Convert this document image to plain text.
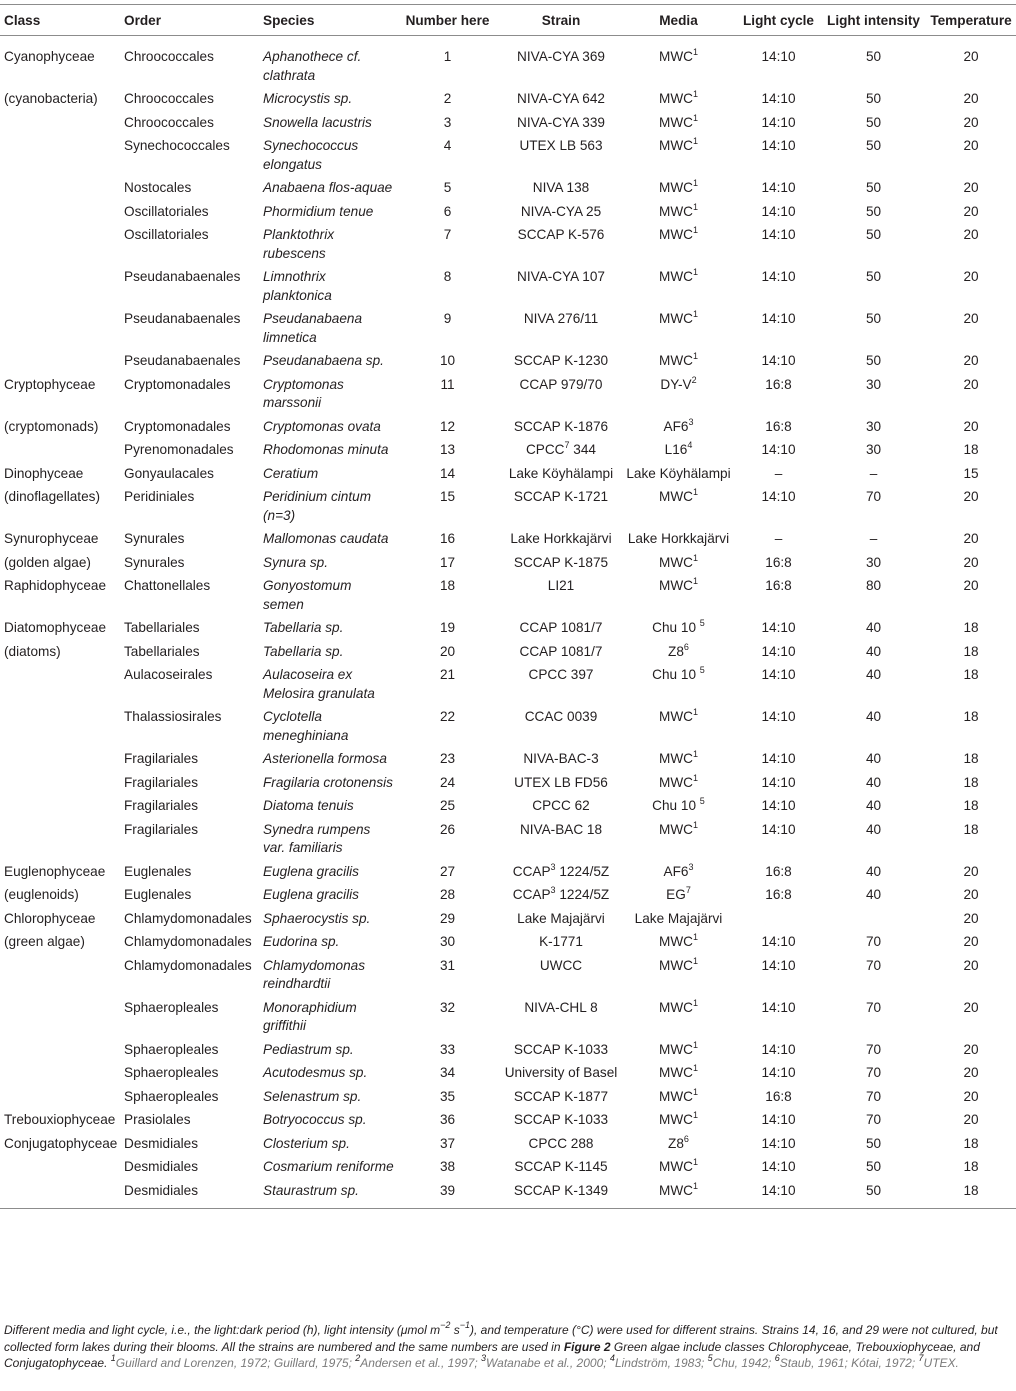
Class	Order	Species	Number here	Strain	Media	Light cycle	Light intensity	Temperature
Cyanophyceae	Chroococcales	Aphanothece cf. clathrata	1	NIVA-CYA 369	MWC$^1$	14:10	50	20
(cyanobacteria)	Chroococcales	Microcystis sp.	2	NIVA-CYA 642	MWC$^1$	14:10	50	20
	Chroococcales	Snowella lacustris	3	NIVA-CYA 339	MWC$^1$	14:10	50	20
	Synechococcales	Synechococcus elongatus	4	UTEX LB 563	MWC$^1$	14:10	50	20
	Nostocales	Anabaena flos-aquae	5	NIVA 138	MWC$^1$	14:10	50	20
	Oscillatoriales	Phormidium tenue	6	NIVA-CYA 25	MWC$^1$	14:10	50	20
	Oscillatoriales	Planktothrix rubescens	7	SCCAP K-576	MWC$^1$	14:10	50	20
	Pseudanabaenales	Limnothrix planktonica	8	NIVA-CYA 107	MWC$^1$	14:10	50	20
	Pseudanabaenales	Pseudanabaena limnetica	9	NIVA 276/11	MWC$^1$	14:10	50	20
	Pseudanabaenales	Pseudanabaena sp.	10	SCCAP K-1230	MWC$^1$	14:10	50	20
Cryptophyceae	Cryptomonadales	Cryptomonas marssonii	11	CCAP 979/70	$DY-V^2$	16:8	30	20
(cryptomonads)	Cryptomonadales	Cryptomonas ovata	12	SCCAP K-1876	$AF6^3$	16:8	30	20
	Pyrenomonadales	Rhodomonas minuta	13	CPCC$^7$ 344	$L16^4$	14:10	30	18
Dinophyceae	Gonyaulacales	Ceratium	14	Lake Köyhälampi	Lake Köyhälampi	–	–	15
(dinoflagellates)	Peridiniales	Peridinium cintum (n=3)	15	SCCAP K-1721	MWC$^1$	14:10	70	20
Synurophyceae	Synurales	Mallomonas caudata	16	Lake Horkkajärvi	Lake Horkkajärvi	–	–	20
(golden algae)	Synurales	Synura sp.	17	SCCAP K-1875	MWC$^1$	16:8	30	20
Raphidophyceae	Chattonellales	Gonyostomum semen	18	LI21	MWC$^1$	16:8	80	20
Diatomophyceae	Tabellariales	Tabellaria sp.	19	CCAP 1081/7	Chu 10 $^5$	14:10	40	18
(diatoms)	Tabellariales	Tabellaria sp.	20	CCAP 1081/7	$Z8^6$	14:10	40	18
	Aulacoseirales	Aulacoseira ex Melosira granulata	21	CPCC 397	Chu 10 $^5$	14:10	40	18
	Thalassiosirales	Cyclotella meneghiniana	22	CCAC 0039	MWC$^1$	14:10	40	18
	Fragilariales	Asterionella formosa	23	NIVA-BAC-3	MWC$^1$	14:10	40	18
	Fragilariales	Fragilaria crotonensis	24	UTEX LB FD56	MWC$^1$	14:10	40	18
	Fragilariales	Diatoma tenuis	25	CPCC 62	Chu 10 $^5$	14:10	40	18
	Fragilariales	Synedra rumpens var. familiaris	26	NIVA-BAC 18	MWC$^1$	14:10	40	18
Euglenophyceae	Euglenales	Euglena gracilis	27	CCAP$^3$ 1224/5Z	$AF6^3$	16:8	40	20
(euglenoids)	Euglenales	Euglena gracilis	28	CCAP$^3$ 1224/5Z	$EG^7$	16:8	40	20
Chlorophyceae	Chlamydomonadales	Sphaerocystis sp.	29	Lake Majajärvi	Lake Majajärvi			20
(green algae)	Chlamydomonadales	Eudorina sp.	30	K-1771	MWC$^1$	14:10	70	20
	Chlamydomonadales	Chlamydomonas reindhardtii	31	UWCC	MWC$^1$	14:10	70	20
	Sphaeropleales	Monoraphidium griffithii	32	NIVA-CHL 8	MWC$^1$	14:10	70	20
	Sphaeropleales	Pediastrum sp.	33	SCCAP K-1033	MWC$^1$	14:10	70	20
	Sphaeropleales	Acutodesmus sp.	34	University of Basel	MWC$^1$	14:10	70	20
	Sphaeropleales	Selenastrum sp.	35	SCCAP K-1877	MWC$^1$	16:8	70	20
Trebouxiophyceae	Prasiolales	Botryococcus sp.	36	SCCAP K-1033	MWC$^1$	14:10	70	20
Conjugatophyceae	Desmidiales	Closterium sp.	37	CPCC 288	$Z8^6$	14:10	50	18
	Desmidiales	Cosmarium reniforme	38	SCCAP K-1145	MWC$^1$	14:10	50	18
	Desmidiales	Staurastrum sp.	39	SCCAP K-1349	MWC$^1$	14:10	50	18
Different media and light cycle, i.e., the light:dark period (h), light intensity (μmol $m^{-2}$ $s^{-1}$), and temperature (°C) were used for different strains. Strains 14, 16, and 29 were not cultured, but collected form lakes during their blooms. All the strains are numbered and the same numbers are used in Figure 2 Green algae include classes Chlorophyceae, Trebouxiophyceae, and Conjugatophyceae. $^1$Guillard and Lorenzen, 1972; Guillard, 1975; $^2$Andersen et al., 1997; $^3$Watanabe et al., 2000; $^4$Lindström, 1983; $^5$Chu, 1942; $^6$Staub, 1961; Kótai, 1972; $^7$UTEX.
